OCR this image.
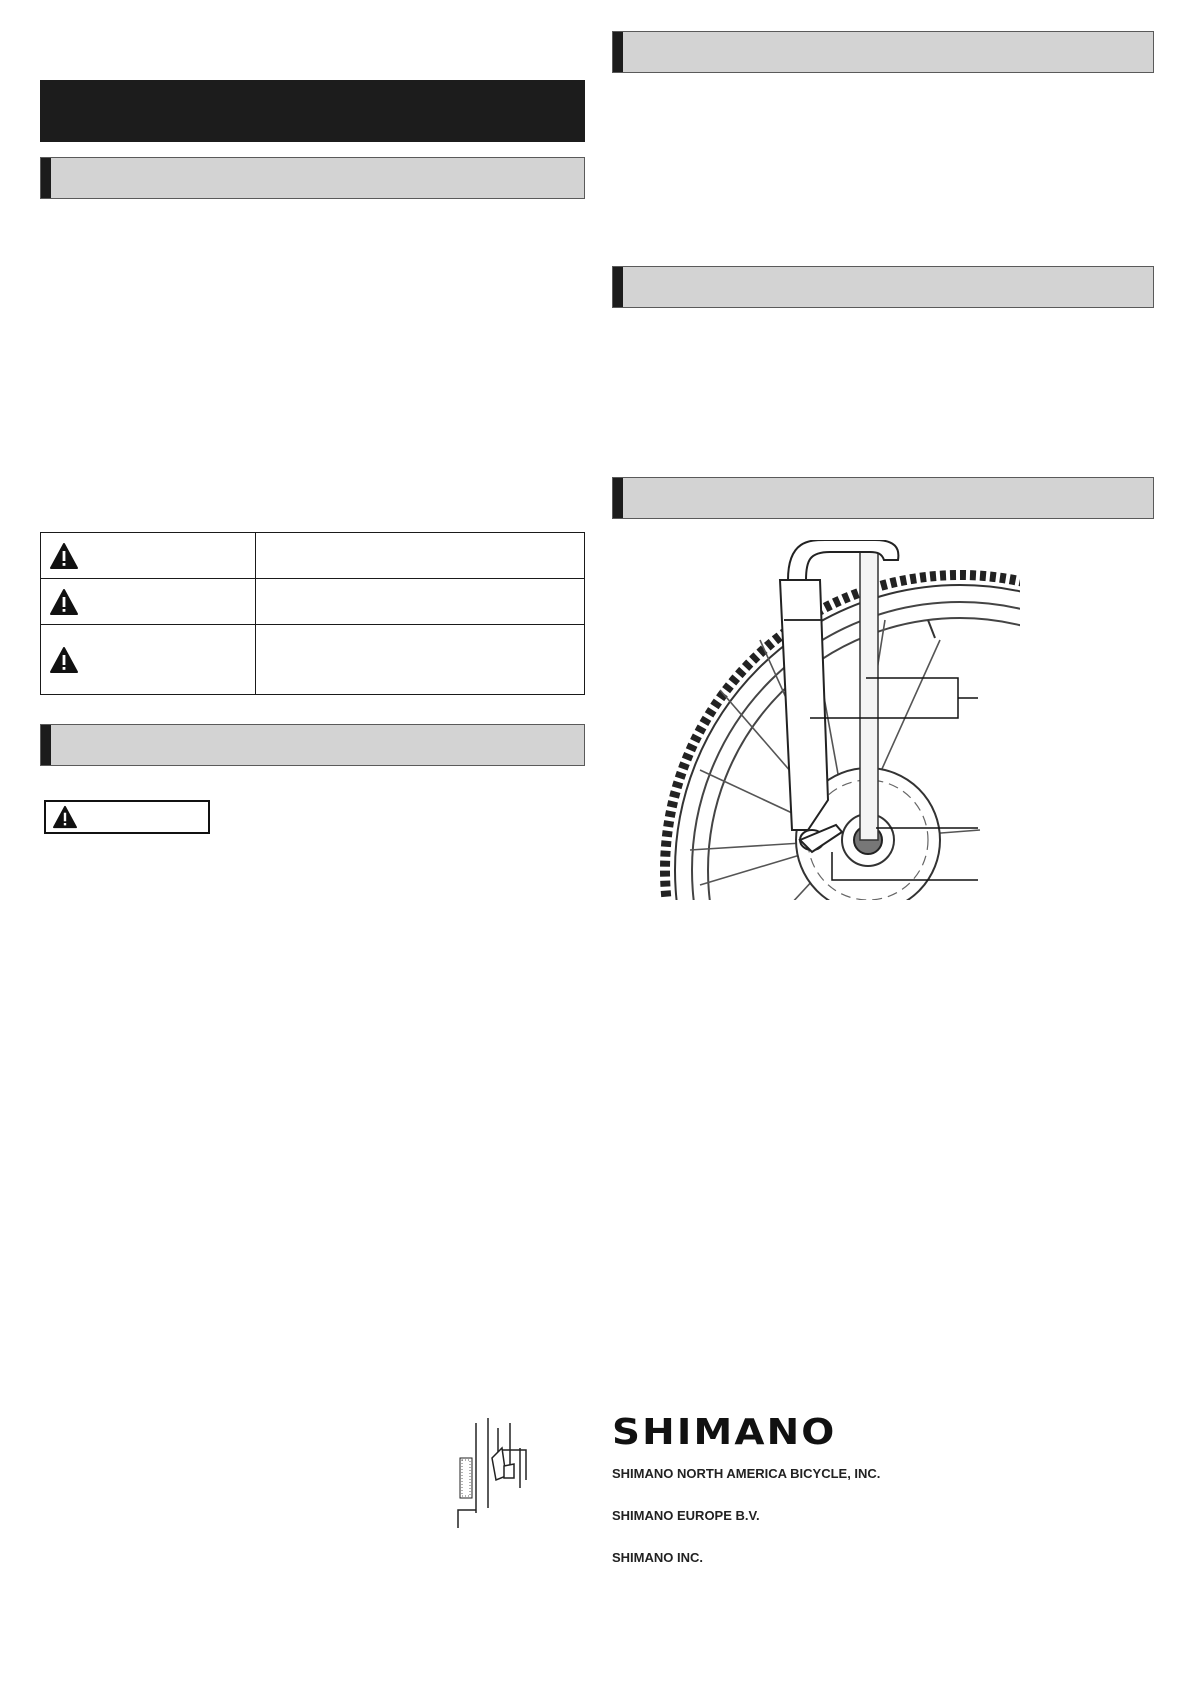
SHIMANO
SHIMANO NORTH AMERICA BICYCLE, INC.
SHIMANO EUROPE B.V.
SHIMANO INC.
